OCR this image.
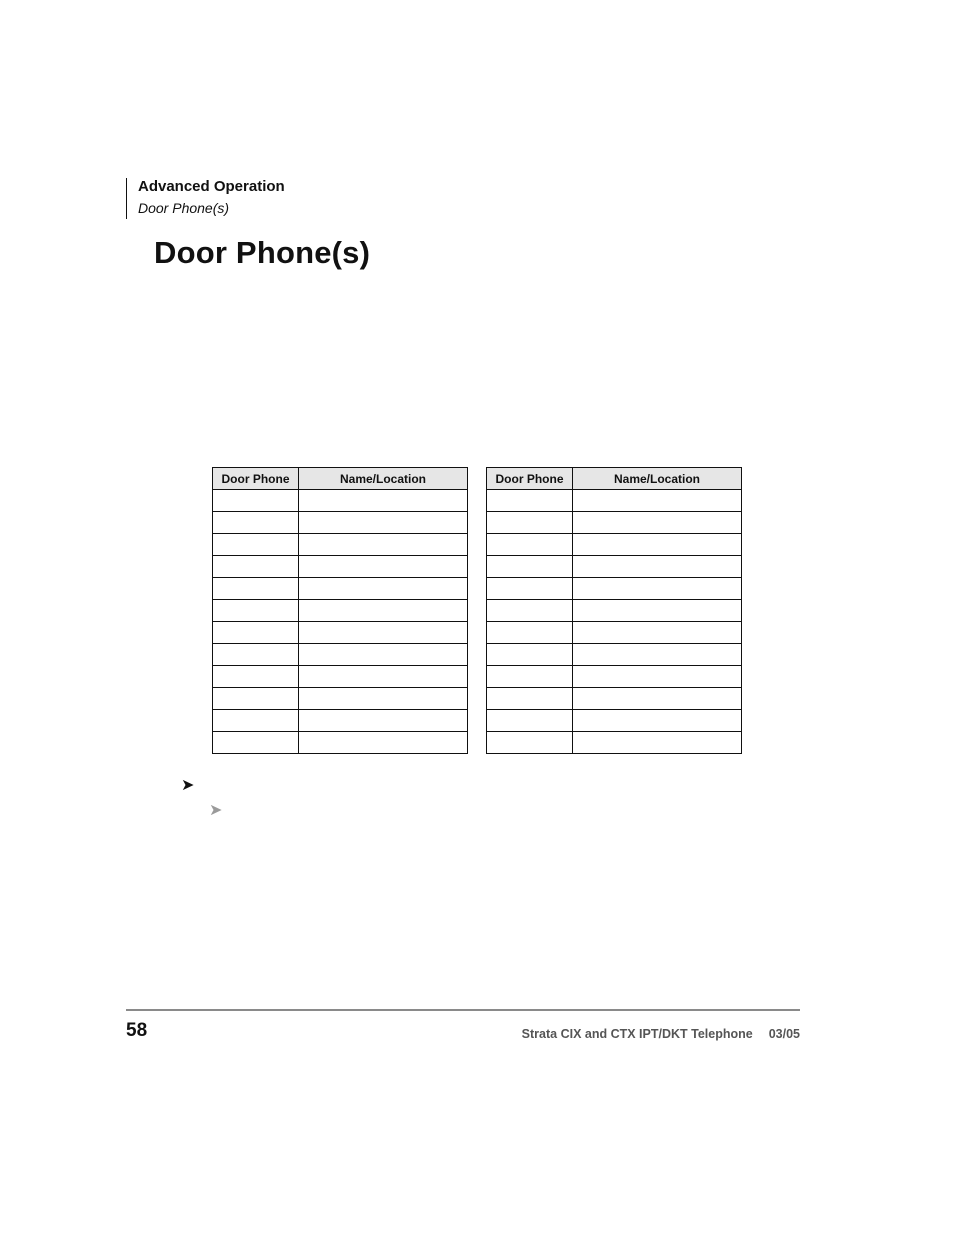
Advanced Operation
Door Phone(s)
Door Phone(s)
Door Phone	Name/Location

		Door Phone	Name/Location

➤
➤
58	Strata CIX and CTX IPT/DKT Telephone 03/05
